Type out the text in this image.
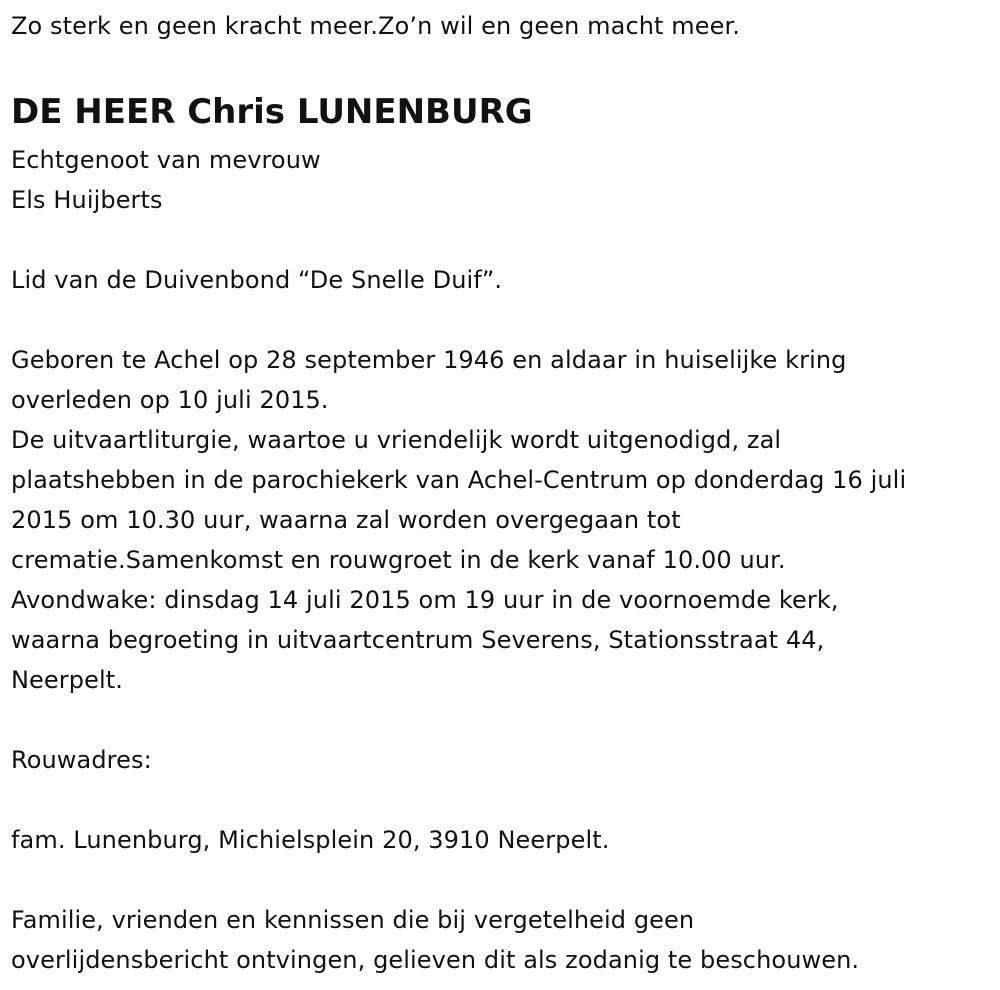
Zo sterk en geen kracht meer.Zo’n wil en geen macht meer.
DE HEER Chris LUNENBURG
Echtgenoot van mevrouw
Els Huijberts
Lid van de Duivenbond “De Snelle Duif”.
Geboren te Achel op 28 september 1946 en aldaar in huiselijke kring
overleden op 10 juli 2015.
De uitvaartliturgie, waartoe u vriendelijk wordt uitgenodigd, zal
plaatshebben in de parochiekerk van Achel-Centrum op donderdag 16 juli
2015 om 10.30 uur, waarna zal worden overgegaan tot
crematie.Samenkomst en rouwgroet in de kerk vanaf 10.00 uur.
Avondwake: dinsdag 14 juli 2015 om 19 uur in de voornoemde kerk,
waarna begroeting in uitvaartcentrum Severens, Stationsstraat 44,
Neerpelt.
Rouwadres:
fam. Lunenburg, Michielsplein 20, 3910 Neerpelt.
Familie, vrienden en kennissen die bij vergetelheid geen
overlijdensbericht ontvingen, gelieven dit als zodanig te beschouwen.
